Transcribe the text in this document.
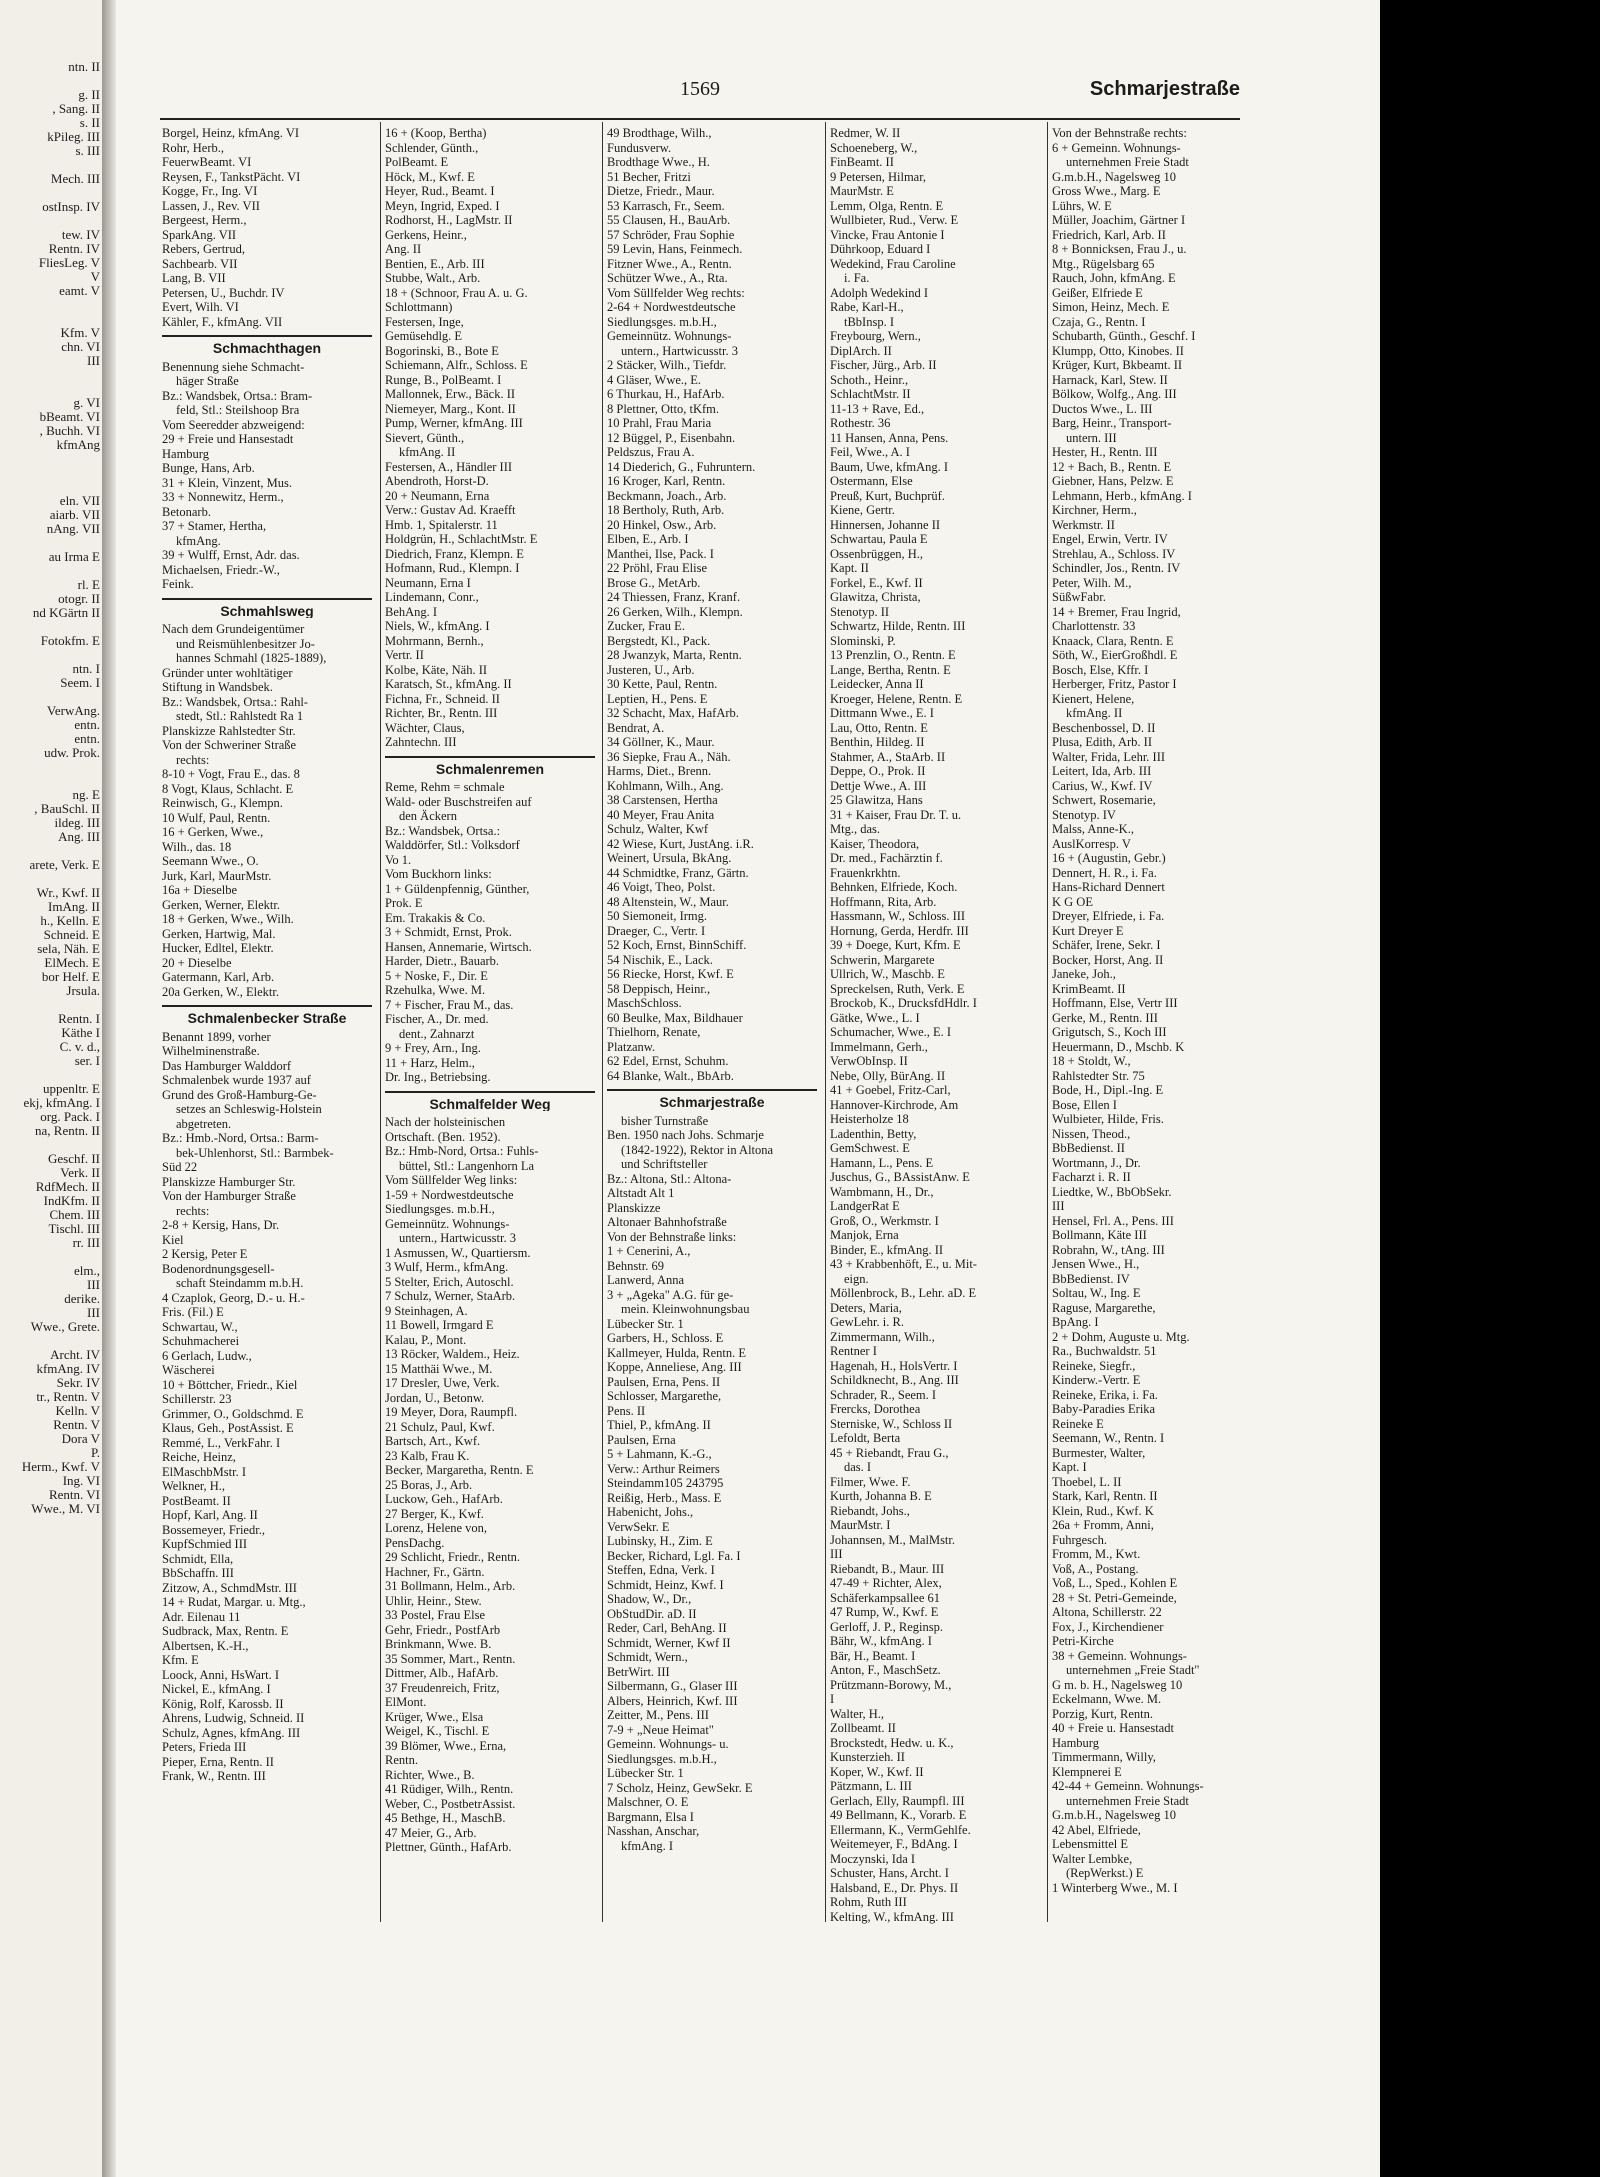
ntn. II

g. II
, Sang. II
s. II
kPileg. III
s. III

Mech. III

ostInsp. IV

tew. IV
Rentn. IV
FliesLeg. V
V
eamt. V

Kfm. V
chn. VI
III

g. VI
bBeamt. VI
, Buchh. VI
kfmAng

eln. VII
aiarb. VII
nAng. VII

au Irma E

rl. E
otogr. II
nd KGärtn II

Fotokfm. E

ntn. I
Seem. I

VerwAng.
entn.
entn.
udw. Prok.

ng. E
, BauSchl. II
ildeg. III
Ang. III

arete, Verk. E

Wr., Kwf. II
ImAng. II
h., Kelln. E
Schneid. E
sela, Näh. E
ElMech. E
bor Helf. E
Jrsula.

Rentn. I
Käthe I
C. v. d.,
ser. I

uppenltr. E
ekj, kfmAng. I
org. Pack. I
na, Rentn. II

Geschf. II
Verk. II
RdfMech. II
IndKfm. II
Chem. III
Tischl. III
rr. III

elm.,
III
derike.
III
Wwe., Grete.

Archt. IV
kfmAng. IV
Sekr. IV
tr., Rentn. V
Kelln. V
Rentn. V
Dora V
P.
Herm., Kwf. V
Ing. VI
Rentn. VI
Wwe., M. VI
1569	Schmarjestraße
Borgel, Heinz, kfmAng. VI
Rohr, Herb.,
FeuerwBeamt. VI
Reysen, F., TankstPächt. VI
Kogge, Fr., Ing. VI
Lassen, J., Rev. VII
Bergeest, Herm.,
SparkAng. VII
Rebers, Gertrud,
Sachbearb. VII
Lang, B. VII
Petersen, U., Buchdr. IV
Evert, Wilh. VI
Kähler, F., kfmAng. VII
Schmachthagen
Benennung siehe Schmacht-
häger Straße
Bz.: Wandsbek, Ortsa.: Bram-
feld, Stl.: Steilshoop Bra
Vom Seeredder abzweigend:
29 + Freie und Hansestadt
Hamburg
Bunge, Hans, Arb.
31 + Klein, Vinzent, Mus.
33 + Nonnewitz, Herm.,
Betonarb.
37 + Stamer, Hertha,
kfmAng.
39 + Wulff, Ernst, Adr. das.
Michaelsen, Friedr.-W.,
Feink.
Schmahlsweg
Nach dem Grundeigentümer
und Reismühlenbesitzer Jo-
hannes Schmahl (1825-1889),
Gründer unter wohltätiger
Stiftung in Wandsbek.
Bz.: Wandsbek, Ortsa.: Rahl-
stedt, Stl.: Rahlstedt Ra 1
Planskizze Rahlstedter Str.
Von der Schweriner Straße
rechts:
8-10 + Vogt, Frau E., das. 8
8 Vogt, Klaus, Schlacht. E
Reinwisch, G., Klempn.
10 Wulf, Paul, Rentn.
16 + Gerken, Wwe.,
Wilh., das. 18
Seemann Wwe., O.
Jurk, Karl, MaurMstr.
16a + Dieselbe
Gerken, Werner, Elektr.
18 + Gerken, Wwe., Wilh.
Gerken, Hartwig, Mal.
Hucker, Edltel, Elektr.
20 + Dieselbe
Gatermann, Karl, Arb.
20a Gerken, W., Elektr.
Schmalenbecker Straße
Benannt 1899, vorher
Wilhelminenstraße.
Das Hamburger Walddorf
Schmalenbek wurde 1937 auf
Grund des Groß-Hamburg-Ge-
setzes an Schleswig-Holstein
abgetreten.
Bz.: Hmb.-Nord, Ortsa.: Barm-
bek-Uhlenhorst, Stl.: Barmbek-
Süd 22
Planskizze Hamburger Str.
Von der Hamburger Straße
rechts:
2-8 + Kersig, Hans, Dr.
Kiel
2 Kersig, Peter E
Bodenordnungsgesell-
schaft Steindamm m.b.H.
4 Czaplok, Georg, D.- u. H.-
Fris. (Fil.) E
Schwartau, W.,
Schuhmacherei
6 Gerlach, Ludw.,
Wäscherei
10 + Böttcher, Friedr., Kiel
Schillerstr. 23
Grimmer, O., Goldschmd. E
Klaus, Geh., PostAssist. E
Remmé, L., VerkFahr. I
Reiche, Heinz,
ElMaschbMstr. I
Welkner, H.,
PostBeamt. II
Hopf, Karl, Ang. II
Bossemeyer, Friedr.,
KupfSchmied III
Schmidt, Ella,
BbSchaffn. III
Zitzow, A., SchmdMstr. III
14 + Rudat, Margar. u. Mtg.,
Adr. Eilenau 11
Sudbrack, Max, Rentn. E
Albertsen, K.-H.,
Kfm. E
Loock, Anni, HsWart. I
Nickel, E., kfmAng. I
König, Rolf, Karossb. II
Ahrens, Ludwig, Schneid. II
Schulz, Agnes, kfmAng. III
Peters, Frieda III
Pieper, Erna, Rentn. II
Frank, W., Rentn. III
16 + (Koop, Bertha)
Schlender, Günth.,
PolBeamt. E
Höck, M., Kwf. E
Heyer, Rud., Beamt. I
Meyn, Ingrid, Exped. I
Rodhorst, H., LagMstr. II
Gerkens, Heinr.,
Ang. II
Bentien, E., Arb. III
Stubbe, Walt., Arb.
18 + (Schnoor, Frau A. u. G.
Schlottmann)
Festersen, Inge,
Gemüsehdlg. E
Bogorinski, B., Bote E
Schiemann, Alfr., Schloss. E
Runge, B., PolBeamt. I
Mallonnek, Erw., Bäck. II
Niemeyer, Marg., Kont. II
Pump, Werner, kfmAng. III
Sievert, Günth.,
kfmAng. II
Festersen, A., Händler III
Abendroth, Horst-D.
20 + Neumann, Erna
Verw.: Gustav Ad. Kraefft
Hmb. 1, Spitalerstr. 11
Holdgrün, H., SchlachtMstr. E
Diedrich, Franz, Klempn. E
Hofmann, Rud., Klempn. I
Neumann, Erna I
Lindemann, Conr.,
BehAng. I
Niels, W., kfmAng. I
Mohrmann, Bernh.,
Vertr. II
Kolbe, Käte, Näh. II
Karatsch, St., kfmAng. II
Fichna, Fr., Schneid. II
Richter, Br., Rentn. III
Wächter, Claus,
Zahntechn. III
Schmalenremen
Reme, Rehm = schmale
Wald- oder Buschstreifen auf
den Äckern
Bz.: Wandsbek, Ortsa.:
Walddörfer, Stl.: Volksdorf
Vo 1.
Vom Buckhorn links:
1 + Güldenpfennig, Günther,
Prok. E
Em. Trakakis & Co.
3 + Schmidt, Ernst, Prok.
Hansen, Annemarie, Wirtsch.
Harder, Dietr., Bauarb.
5 + Noske, F., Dir. E
Rzehulka, Wwe. M.
7 + Fischer, Frau M., das.
Fischer, A., Dr. med.
dent., Zahnarzt
9 + Frey, Arn., Ing.
11 + Harz, Helm.,
Dr. Ing., Betriebsing.
Schmalfelder Weg
Nach der holsteinischen
Ortschaft. (Ben. 1952).
Bz.: Hmb-Nord, Ortsa.: Fuhls-
büttel, Stl.: Langenhorn La
Vom Süllfelder Weg links:
1-59 + Nordwestdeutsche
Siedlungsges. m.b.H.,
Gemeinnütz. Wohnungs-
untern., Hartwicusstr. 3
1 Asmussen, W., Quartiersm.
3 Wulf, Herm., kfmAng.
5 Stelter, Erich, Autoschl.
7 Schulz, Werner, StaArb.
9 Steinhagen, A.
11 Bowell, Irmgard E
Kalau, P., Mont.
13 Röcker, Waldem., Heiz.
15 Matthäi Wwe., M.
17 Dresler, Uwe, Verk.
Jordan, U., Betonw.
19 Meyer, Dora, Raumpfl.
21 Schulz, Paul, Kwf.
Bartsch, Art., Kwf.
23 Kalb, Frau K.
Becker, Margaretha, Rentn. E
25 Boras, J., Arb.
Luckow, Geh., HafArb.
27 Berger, K., Kwf.
Lorenz, Helene von,
PensDachg.
29 Schlicht, Friedr., Rentn.
Hachner, Fr., Gärtn.
31 Bollmann, Helm., Arb.
Uhlir, Heinr., Stew.
33 Postel, Frau Else
Gehr, Friedr., PostfArb
Brinkmann, Wwe. B.
35 Sommer, Mart., Rentn.
Dittmer, Alb., HafArb.
37 Freudenreich, Fritz,
ElMont.
Krüger, Wwe., Elsa
Weigel, K., Tischl. E
39 Blömer, Wwe., Erna,
Rentn.
Richter, Wwe., B.
41 Rüdiger, Wilh., Rentn.
Weber, C., PostbetrAssist.
45 Bethge, H., MaschB.
47 Meier, G., Arb.
Plettner, Günth., HafArb.
49 Brodthage, Wilh.,
Fundusverw.
Brodthage Wwe., H.
51 Becher, Fritzi
Dietze, Friedr., Maur.
53 Karrasch, Fr., Seem.
55 Clausen, H., BauArb.
57 Schröder, Frau Sophie
59 Levin, Hans, Feinmech.
Fitzner Wwe., A., Rentn.
Schützer Wwe., A., Rta.
Vom Süllfelder Weg rechts:
2-64 + Nordwestdeutsche
Siedlungsges. m.b.H.,
Gemeinnütz. Wohnungs-
untern., Hartwicusstr. 3
2 Stäcker, Wilh., Tiefdr.
4 Gläser, Wwe., E.
6 Thurkau, H., HafArb.
8 Plettner, Otto, tKfm.
10 Prahl, Frau Maria
12 Büggel, P., Eisenbahn.
Peldszus, Frau A.
14 Diederich, G., Fuhruntern.
16 Kroger, Karl, Rentn.
Beckmann, Joach., Arb.
18 Bertholy, Ruth, Arb.
20 Hinkel, Osw., Arb.
Elben, E., Arb. I
Manthei, Ilse, Pack. I
22 Pröhl, Frau Elise
Brose G., MetArb.
24 Thiessen, Franz, Kranf.
26 Gerken, Wilh., Klempn.
Zucker, Frau E.
Bergstedt, Kl., Pack.
28 Jwanzyk, Marta, Rentn.
Justeren, U., Arb.
30 Kette, Paul, Rentn.
Leptien, H., Pens. E
32 Schacht, Max, HafArb.
Bendrat, A.
34 Göllner, K., Maur.
36 Siepke, Frau A., Näh.
Harms, Diet., Brenn.
Kohlmann, Wilh., Ang.
38 Carstensen, Hertha
40 Meyer, Frau Anita
Schulz, Walter, Kwf
42 Wiese, Kurt, JustAng. i.R.
Weinert, Ursula, BkAng.
44 Schmidtke, Franz, Gärtn.
46 Voigt, Theo, Polst.
48 Altenstein, W., Maur.
50 Siemoneit, Irmg.
Draeger, C., Vertr. I
52 Koch, Ernst, BinnSchiff.
54 Nischik, E., Lack.
56 Riecke, Horst, Kwf. E
58 Deppisch, Heinr.,
MaschSchloss.
60 Beulke, Max, Bildhauer
Thielhorn, Renate,
Platzanw.
62 Edel, Ernst, Schuhm.
64 Blanke, Walt., BbArb.
Schmarjestraße
bisher Turnstraße
Ben. 1950 nach Johs. Schmarje
(1842-1922), Rektor in Altona
und Schriftsteller
Bz.: Altona, Stl.: Altona-
Altstadt Alt 1
Planskizze
Altonaer Bahnhofstraße
Von der Behnstraße links:
1 + Cenerini, A.,
Behnstr. 69
Lanwerd, Anna
3 + „Ageka" A.G. für ge-
mein. Kleinwohnungsbau
Lübecker Str. 1
Garbers, H., Schloss. E
Kallmeyer, Hulda, Rentn. E
Koppe, Anneliese, Ang. III
Paulsen, Erna, Pens. II
Schlosser, Margarethe,
Pens. II
Thiel, P., kfmAng. II
Paulsen, Erna
5 + Lahmann, K.-G.,
Verw.: Arthur Reimers
Steindamm105 243795
Reißig, Herb., Mass. E
Habenicht, Johs.,
VerwSekr. E
Lubinsky, H., Zim. E
Becker, Richard, Lgl. Fa. I
Steffen, Edna, Verk. I
Schmidt, Heinz, Kwf. I
Shadow, W., Dr.,
ObStudDir. aD. II
Reder, Carl, BehAng. II
Schmidt, Werner, Kwf II
Schmidt, Wern.,
BetrWirt. III
Silbermann, G., Glaser III
Albers, Heinrich, Kwf. III
Zeitter, M., Pens. III
7-9 + „Neue Heimat"
Gemeinn. Wohnungs- u.
Siedlungsges. m.b.H.,
Lübecker Str. 1
7 Scholz, Heinz, GewSekr. E
Malschner, O. E
Bargmann, Elsa I
Nasshan, Anschar,
kfmAng. I
Redmer, W. II
Schoeneberg, W.,
FinBeamt. II
9 Petersen, Hilmar,
MaurMstr. E
Lemm, Olga, Rentn. E
Wullbieter, Rud., Verw. E
Vincke, Frau Antonie I
Dührkoop, Eduard I
Wedekind, Frau Caroline
i. Fa.
Adolph Wedekind I
Rabe, Karl-H.,
tBbInsp. I
Freybourg, Wern.,
DiplArch. II
Fischer, Jürg., Arb. II
Schoth., Heinr.,
SchlachtMstr. II
11-13 + Rave, Ed.,
Rothestr. 36
11 Hansen, Anna, Pens.
Feil, Wwe., A. I
Baum, Uwe, kfmAng. I
Ostermann, Else
Preuß, Kurt, Buchprüf.
Kiene, Gertr.
Hinnersen, Johanne II
Schwartau, Paula E
Ossenbrüggen, H.,
Kapt. II
Forkel, E., Kwf. II
Glawitza, Christa,
Stenotyp. II
Schwartz, Hilde, Rentn. III
Slominski, P.
13 Prenzlin, O., Rentn. E
Lange, Bertha, Rentn. E
Leidecker, Anna II
Kroeger, Helene, Rentn. E
Dittmann Wwe., E. I
Lau, Otto, Rentn. E
Benthin, Hildeg. II
Stahmer, A., StaArb. II
Deppe, O., Prok. II
Dettje Wwe., A. III
25 Glawitza, Hans
31 + Kaiser, Frau Dr. T. u.
Mtg., das.
Kaiser, Theodora,
Dr. med., Fachärztin f.
Frauenkrkhtn.
Behnken, Elfriede, Koch.
Hoffmann, Rita, Arb.
Hassmann, W., Schloss. III
Hornung, Gerda, Herdfr. III
39 + Doege, Kurt, Kfm. E
Schwerin, Margarete
Ullrich, W., Maschb. E
Spreckelsen, Ruth, Verk. E
Brockob, K., DrucksfdHdlr. I
Gätke, Wwe., L. I
Schumacher, Wwe., E. I
Immelmann, Gerh.,
VerwObInsp. II
Nebe, Olly, BürAng. II
41 + Goebel, Fritz-Carl,
Hannover-Kirchrode, Am
Heisterholze 18
Ladenthin, Betty,
GemSchwest. E
Hamann, L., Pens. E
Juschus, G., BAssistAnw. E
Wambmann, H., Dr.,
LandgerRat E
Groß, O., Werkmstr. I
Manjok, Erna
Binder, E., kfmAng. II
43 + Krabbenhöft, E., u. Mit-
eign.
Möllenbrock, B., Lehr. aD. E
Deters, Maria,
GewLehr. i. R.
Zimmermann, Wilh.,
Rentner I
Hagenah, H., HolsVertr. I
Schildknecht, B., Ang. III
Schrader, R., Seem. I
Frercks, Dorothea
Sterniske, W., Schloss II
Lefoldt, Berta
45 + Riebandt, Frau G.,
das. I
Filmer, Wwe. F.
Kurth, Johanna B. E
Riebandt, Johs.,
MaurMstr. I
Johannsen, M., MalMstr.
III
Riebandt, B., Maur. III
47-49 + Richter, Alex,
Schäferkampsallee 61
47 Rump, W., Kwf. E
Gerloff, J. P., Reginsp.
Bähr, W., kfmAng. I
Bär, H., Beamt. I
Anton, F., MaschSetz.
Prützmann-Borowy, M.,
I
Walter, H.,
Zollbeamt. II
Brockstedt, Hedw. u. K.,
Kunsterzieh. II
Koper, W., Kwf. II
Pätzmann, L. III
Gerlach, Elly, Raumpfl. III
49 Bellmann, K., Vorarb. E
Ellermann, K., VermGehlfe.
Weitemeyer, F., BdAng. I
Moczynski, Ida I
Schuster, Hans, Archt. I
Halsband, E., Dr. Phys. II
Rohm, Ruth III
Kelting, W., kfmAng. III
Von der Behnstraße rechts:
6 + Gemeinn. Wohnungs-
unternehmen Freie Stadt
G.m.b.H., Nagelsweg 10
Gross Wwe., Marg. E
Lührs, W. E
Müller, Joachim, Gärtner I
Friedrich, Karl, Arb. II
8 + Bonnicksen, Frau J., u.
Mtg., Rügelsbarg 65
Rauch, John, kfmAng. E
Geißer, Elfriede E
Simon, Heinz, Mech. E
Czaja, G., Rentn. I
Schubarth, Günth., Geschf. I
Klumpp, Otto, Kinobes. II
Krüger, Kurt, Bkbeamt. II
Harnack, Karl, Stew. II
Bölkow, Wolfg., Ang. III
Ductos Wwe., L. III
Barg, Heinr., Transport-
untern. III
Hester, H., Rentn. III
12 + Bach, B., Rentn. E
Giebner, Hans, Pelzw. E
Lehmann, Herb., kfmAng. I
Kirchner, Herm.,
Werkmstr. II
Engel, Erwin, Vertr. IV
Strehlau, A., Schloss. IV
Schindler, Jos., Rentn. IV
Peter, Wilh. M.,
SüßwFabr.
14 + Bremer, Frau Ingrid,
Charlottenstr. 33
Knaack, Clara, Rentn. E
Söth, W., EierGroßhdl. E
Bosch, Else, Kffr. I
Herberger, Fritz, Pastor I
Kienert, Helene,
kfmAng. II
Beschenbossel, D. II
Plusa, Edith, Arb. II
Walter, Frida, Lehr. III
Leitert, Ida, Arb. III
Carius, W., Kwf. IV
Schwert, Rosemarie,
Stenotyp. IV
Malss, Anne-K.,
AuslKorresp. V
16 + (Augustin, Gebr.)
Dennert, H. R., i. Fa.
Hans-Richard Dennert
K G OE
Dreyer, Elfriede, i. Fa.
Kurt Dreyer E
Schäfer, Irene, Sekr. I
Bocker, Horst, Ang. II
Janeke, Joh.,
KrimBeamt. II
Hoffmann, Else, Vertr III
Gerke, M., Rentn. III
Grigutsch, S., Koch III
Heuermann, D., Mschb. K
18 + Stoldt, W.,
Rahlstedter Str. 75
Bode, H., Dipl.-Ing. E
Bose, Ellen I
Wulbieter, Hilde, Fris.
Nissen, Theod.,
BbBedienst. II
Wortmann, J., Dr.
Facharzt i. R. II
Liedtke, W., BbObSekr.
III
Hensel, Frl. A., Pens. III
Bollmann, Käte III
Robrahn, W., tAng. III
Jensen Wwe., H.,
BbBedienst. IV
Soltau, W., Ing. E
Raguse, Margarethe,
BpAng. I
2 + Dohm, Auguste u. Mtg.
Ra., Buchwaldstr. 51
Reineke, Siegfr.,
Kinderw.-Vertr. E
Reineke, Erika, i. Fa.
Baby-Paradies Erika
Reineke E
Seemann, W., Rentn. I
Burmester, Walter,
Kapt. I
Thoebel, L. II
Stark, Karl, Rentn. II
Klein, Rud., Kwf. K
26a + Fromm, Anni,
Fuhrgesch.
Fromm, M., Kwt.
Voß, A., Postang.
Voß, L., Sped., Kohlen E
28 + St. Petri-Gemeinde,
Altona, Schillerstr. 22
Fox, J., Kirchendiener
Petri-Kirche
38 + Gemeinn. Wohnungs-
unternehmen „Freie Stadt"
G m. b. H., Nagelsweg 10
Eckelmann, Wwe. M.
Porzig, Kurt, Rentn.
40 + Freie u. Hansestadt
Hamburg
Timmermann, Willy,
Klempnerei E
42-44 + Gemeinn. Wohnungs-
unternehmen Freie Stadt
G.m.b.H., Nagelsweg 10
42 Abel, Elfriede,
Lebensmittel E
Walter Lembke,
(RepWerkst.) E
1 Winterberg Wwe., M. I
